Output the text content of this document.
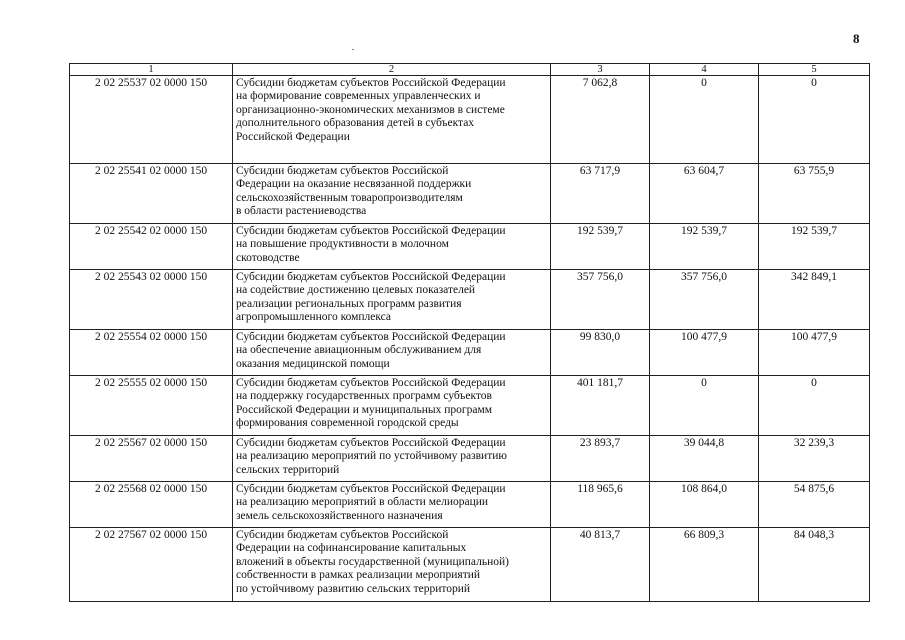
8
1	2	3	4	5
2 02 25537 02 0000 150	Субсидии бюджетам субъектов Российской Федерации
на формирование современных управленческих и
организационно-экономических механизмов в системе
дополнительного образования детей в субъектах
Российской Федерации	7 062,8	0	0
2 02 25541 02 0000 150	Субсидии бюджетам субъектов Российской
Федерации на оказание несвязанной поддержки
сельскохозяйственным товаропроизводителям
в области растениеводства	63 717,9	63 604,7	63 755,9
2 02 25542 02 0000 150	Субсидии бюджетам субъектов Российской Федерации
на повышение продуктивности в молочном
скотоводстве	192 539,7	192 539,7	192 539,7
2 02 25543 02 0000 150	Субсидии бюджетам субъектов Российской Федерации
на содействие достижению целевых показателей
реализации региональных программ развития
агропромышленного комплекса	357 756,0	357 756,0	342 849,1
2 02 25554 02 0000 150	Субсидии бюджетам субъектов Российской Федерации
на обеспечение авиационным обслуживанием для
оказания медицинской помощи	99 830,0	100 477,9	100 477,9
2 02 25555 02 0000 150	Субсидии бюджетам субъектов Российской Федерации
на поддержку государственных программ субъектов
Российской Федерации и муниципальных программ
формирования современной городской среды	401 181,7	0	0
2 02 25567 02 0000 150	Субсидии бюджетам субъектов Российской Федерации
на реализацию мероприятий по устойчивому развитию
сельских территорий	23 893,7	39 044,8	32 239,3
2 02 25568 02 0000 150	Субсидии бюджетам субъектов Российской Федерации
на реализацию мероприятий в области мелиорации
земель сельскохозяйственного назначения	118 965,6	108 864,0	54 875,6
2 02 27567 02 0000 150	Субсидии бюджетам субъектов Российской
Федерации на софинансирование капитальных
вложений в объекты государственной (муниципальной)
собственности в рамках реализации мероприятий
по устойчивому развитию сельских территорий	40 813,7	66 809,3	84 048,3
